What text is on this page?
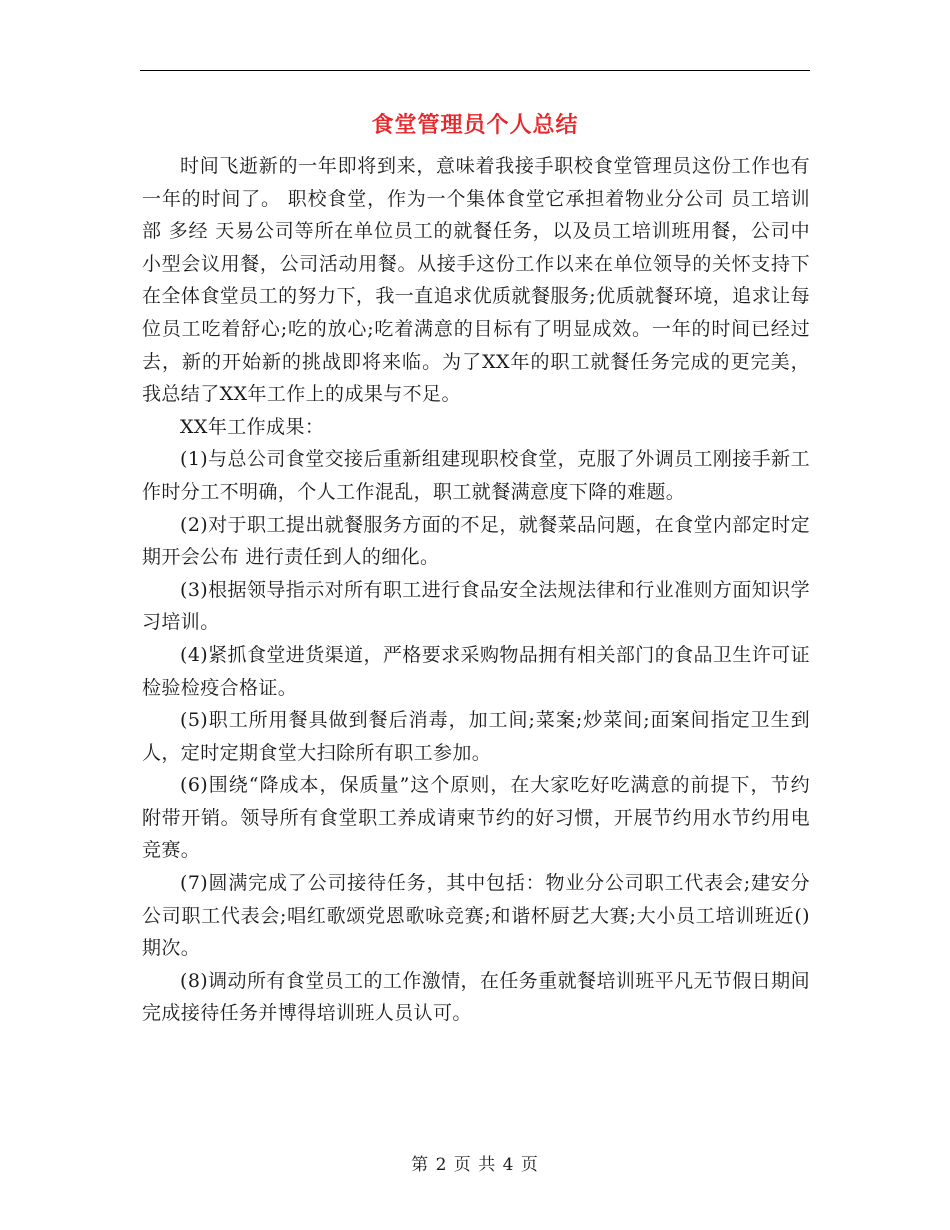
食堂管理员个人总结

时间飞逝新的一年即将到来，意味着我接手职校食堂管理员这份工作也有一年的时间了。 职校食堂，作为一个集体食堂它承担着物业分公司 员工培训部 多经 天易公司等所在单位员工的就餐任务，以及员工培训班用餐，公司中小型会议用餐，公司活动用餐。从接手这份工作以来在单位领导的关怀支持下在全体食堂员工的努力下，我一直追求优质就餐服务;优质就餐环境，追求让每位员工吃着舒心;吃的放心;吃着满意的目标有了明显成效。一年的时间已经过去，新的开始新的挑战即将来临。为了XX年的职工就餐任务完成的更完美，我总结了XX年工作上的成果与不足。

XX年工作成果：

(1)与总公司食堂交接后重新组建现职校食堂，克服了外调员工刚接手新工作时分工不明确，个人工作混乱，职工就餐满意度下降的难题。

(2)对于职工提出就餐服务方面的不足，就餐菜品问题，在食堂内部定时定期开会公布 进行责任到人的细化。

(3)根据领导指示对所有职工进行食品安全法规法律和行业准则方面知识学习培训。

(4)紧抓食堂进货渠道，严格要求采购物品拥有相关部门的食品卫生许可证检验检疫合格证。

(5)职工所用餐具做到餐后消毒，加工间;菜案;炒菜间;面案间指定卫生到人，定时定期食堂大扫除所有职工参加。

(6)围绕“降成本，保质量”这个原则，在大家吃好吃满意的前提下，节约附带开销。领导所有食堂职工养成请柬节约的好习惯，开展节约用水节约用电竞赛。

(7)圆满完成了公司接待任务，其中包括：物业分公司职工代表会;建安分公司职工代表会;唱红歌颂党恩歌咏竞赛;和谐杯厨艺大赛;大小员工培训班近()期次。

(8)调动所有食堂员工的工作激情，在任务重就餐培训班平凡无节假日期间完成接待任务并博得培训班人员认可。

第 2 页 共 4 页
